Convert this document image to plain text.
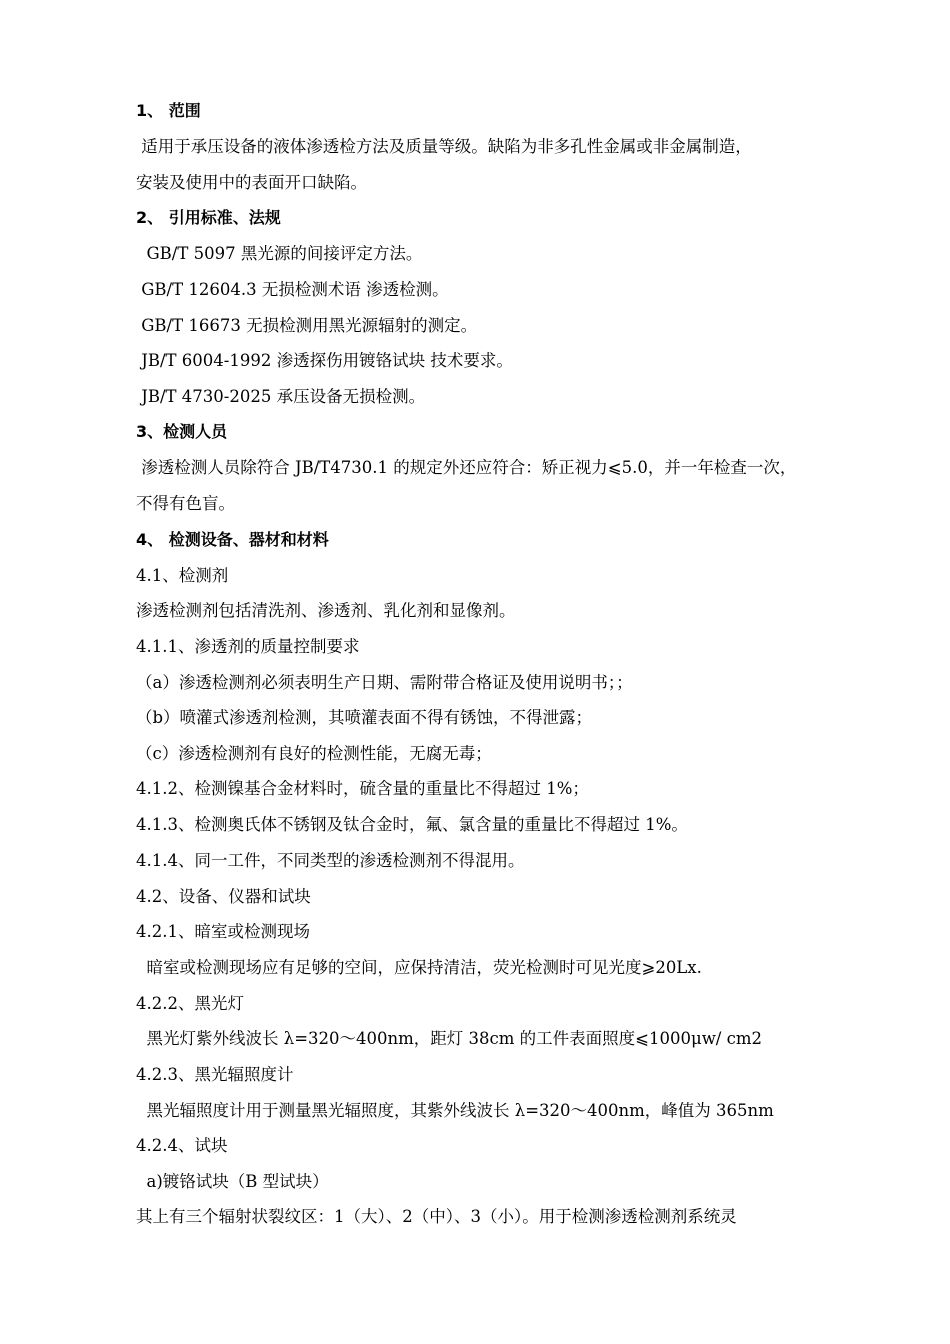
1、 范围
适用于承压设备的液体渗透检方法及质量等级。缺陷为非多孔性金属或非金属制造，
安装及使用中的表面开口缺陷。
2、 引用标准、法规
GB/T 5097 黑光源的间接评定方法。
GB/T 12604.3 无损检测术语 渗透检测。
GB/T 16673 无损检测用黑光源辐射的测定。
JB/T 6004-1992 渗透探伤用镀铬试块 技术要求。
JB/T 4730-2025 承压设备无损检测。
3、检测人员
渗透检测人员除符合 JB/T4730.1 的规定外还应符合：矫正视力⩽5.0，并一年检查一次，
不得有色盲。
4、 检测设备、器材和材料
4.1、检测剂
渗透检测剂包括清洗剂、渗透剂、乳化剂和显像剂。
4.1.1、渗透剂的质量控制要求
（a）渗透检测剂必须表明生产日期、需附带合格证及使用说明书；；
（b）喷灌式渗透剂检测，其喷灌表面不得有锈蚀，不得泄露；
（c）渗透检测剂有良好的检测性能，无腐无毒；
4.1.2、检测镍基合金材料时，硫含量的重量比不得超过 1%；
4.1.3、检测奥氏体不锈钢及钛合金时，氟、氯含量的重量比不得超过 1%。
4.1.4、同一工件，不同类型的渗透检测剂不得混用。
4.2、设备、仪器和试块
4.2.1、暗室或检测现场
暗室或检测现场应有足够的空间，应保持清洁，荧光检测时可见光度⩾20Lx.
4.2.2、黑光灯
黑光灯紫外线波长 λ=320～400nm，距灯 38cm 的工件表面照度⩽1000μw/ cm2
4.2.3、黑光辐照度计
黑光辐照度计用于测量黑光辐照度，其紫外线波长 λ=320～400nm，峰值为 365nm
4.2.4、试块
a)镀铬试块（B 型试块）
其上有三个辐射状裂纹区：1（大）、2（中）、3（小）。用于检测渗透检测剂系统灵
